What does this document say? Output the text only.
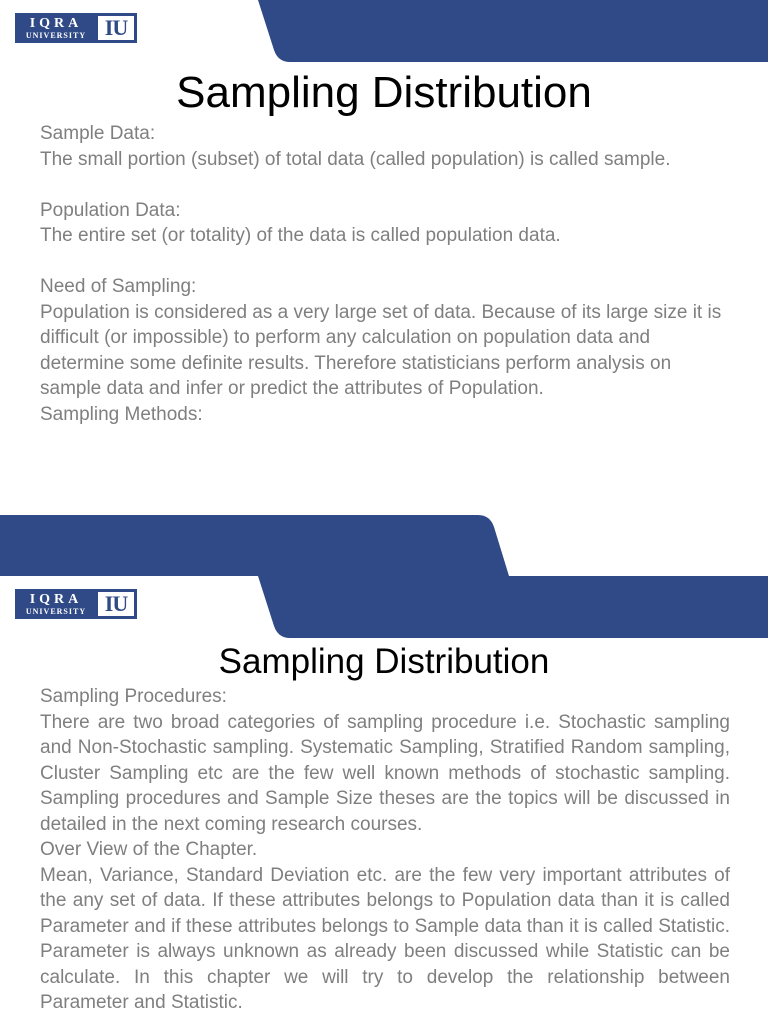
IQRA
UNIVERSITY IU
Sampling Distribution

Sample Data:

The small portion (subset) of total data (called population) is called sample.

Population Data:

The entire set (or totality) of the data is called population data.

Need of Sampling:

Population is considered as a very large set of data. Because of its large size it is difficult (or impossible) to perform any calculation on population data and determine some definite results. Therefore statisticians perform analysis on sample data and infer or predict the attributes of Population.

Sampling Methods:

IQRA
UNIVERSITY IU
Sampling Distribution

Sampling Procedures:

There are two broad categories of sampling procedure i.e. Stochastic sampling and Non-Stochastic sampling. Systematic Sampling, Stratified Random sampling, Cluster Sampling etc are the few well known methods of stochastic sampling. Sampling procedures and Sample Size theses are the topics will be discussed in detailed in the next coming research courses.

Over View of the Chapter.

Mean, Variance, Standard Deviation etc. are the few very important attributes of the any set of data. If these attributes belongs to Population data than it is called Parameter and if these attributes belongs to Sample data than it is called Statistic. Parameter is always unknown as already been discussed while Statistic can be calculate. In this chapter we will try to develop the relationship between Parameter and Statistic.
